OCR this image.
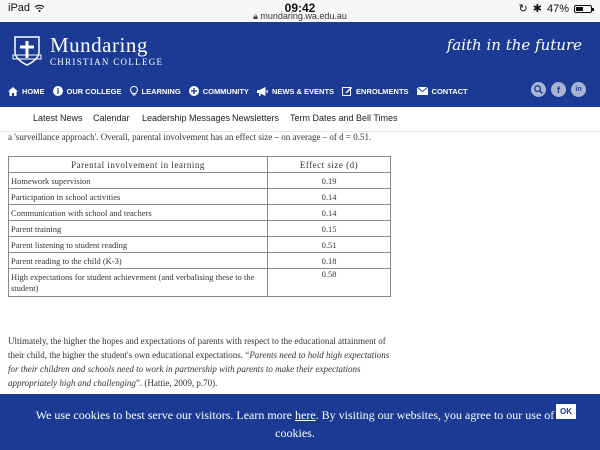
iPad	09:42
🔒︎ mundaring.wa.edu.au
↻ ✱︎ 47%
Mundaring
CHRISTIAN COLLEGE
faith in the future
HOME	OUR COLLEGE	LEARNING	COMMUNITY	NEWS & EVENTS	ENROLMENTS	CONTACT	f in
Latest News Calendar Leadership Messages Newsletters Term Dates and Bell Times

a 'surveillance approach'. Overall, parental involvement has an effect size – on average – of d = 0.51.

Parental involvement in learning	Effect size (d)
Homework supervision	0.19
Participation in school activities	0.14
Communication with school and teachers	0.14
Parent training	0.15
Parent listening to student reading	0.51
Parent reading to the child (K-3)	0.18
High expectations for student achievement (and verbalising these to the student)	0.58

Ultimately, the higher the hopes and expectations of parents with respect to the educational attainment of their child, the higher the student's own educational expectations. “Parents need to hold high expectations for their children and schools need to work in partnership with parents to make their expectations appropriately high and challenging”. (Hattie, 2009, p.70).

We use cookies to best serve our visitors. Learn more here. By visiting our websites, you agree to our use of cookies.
OK
